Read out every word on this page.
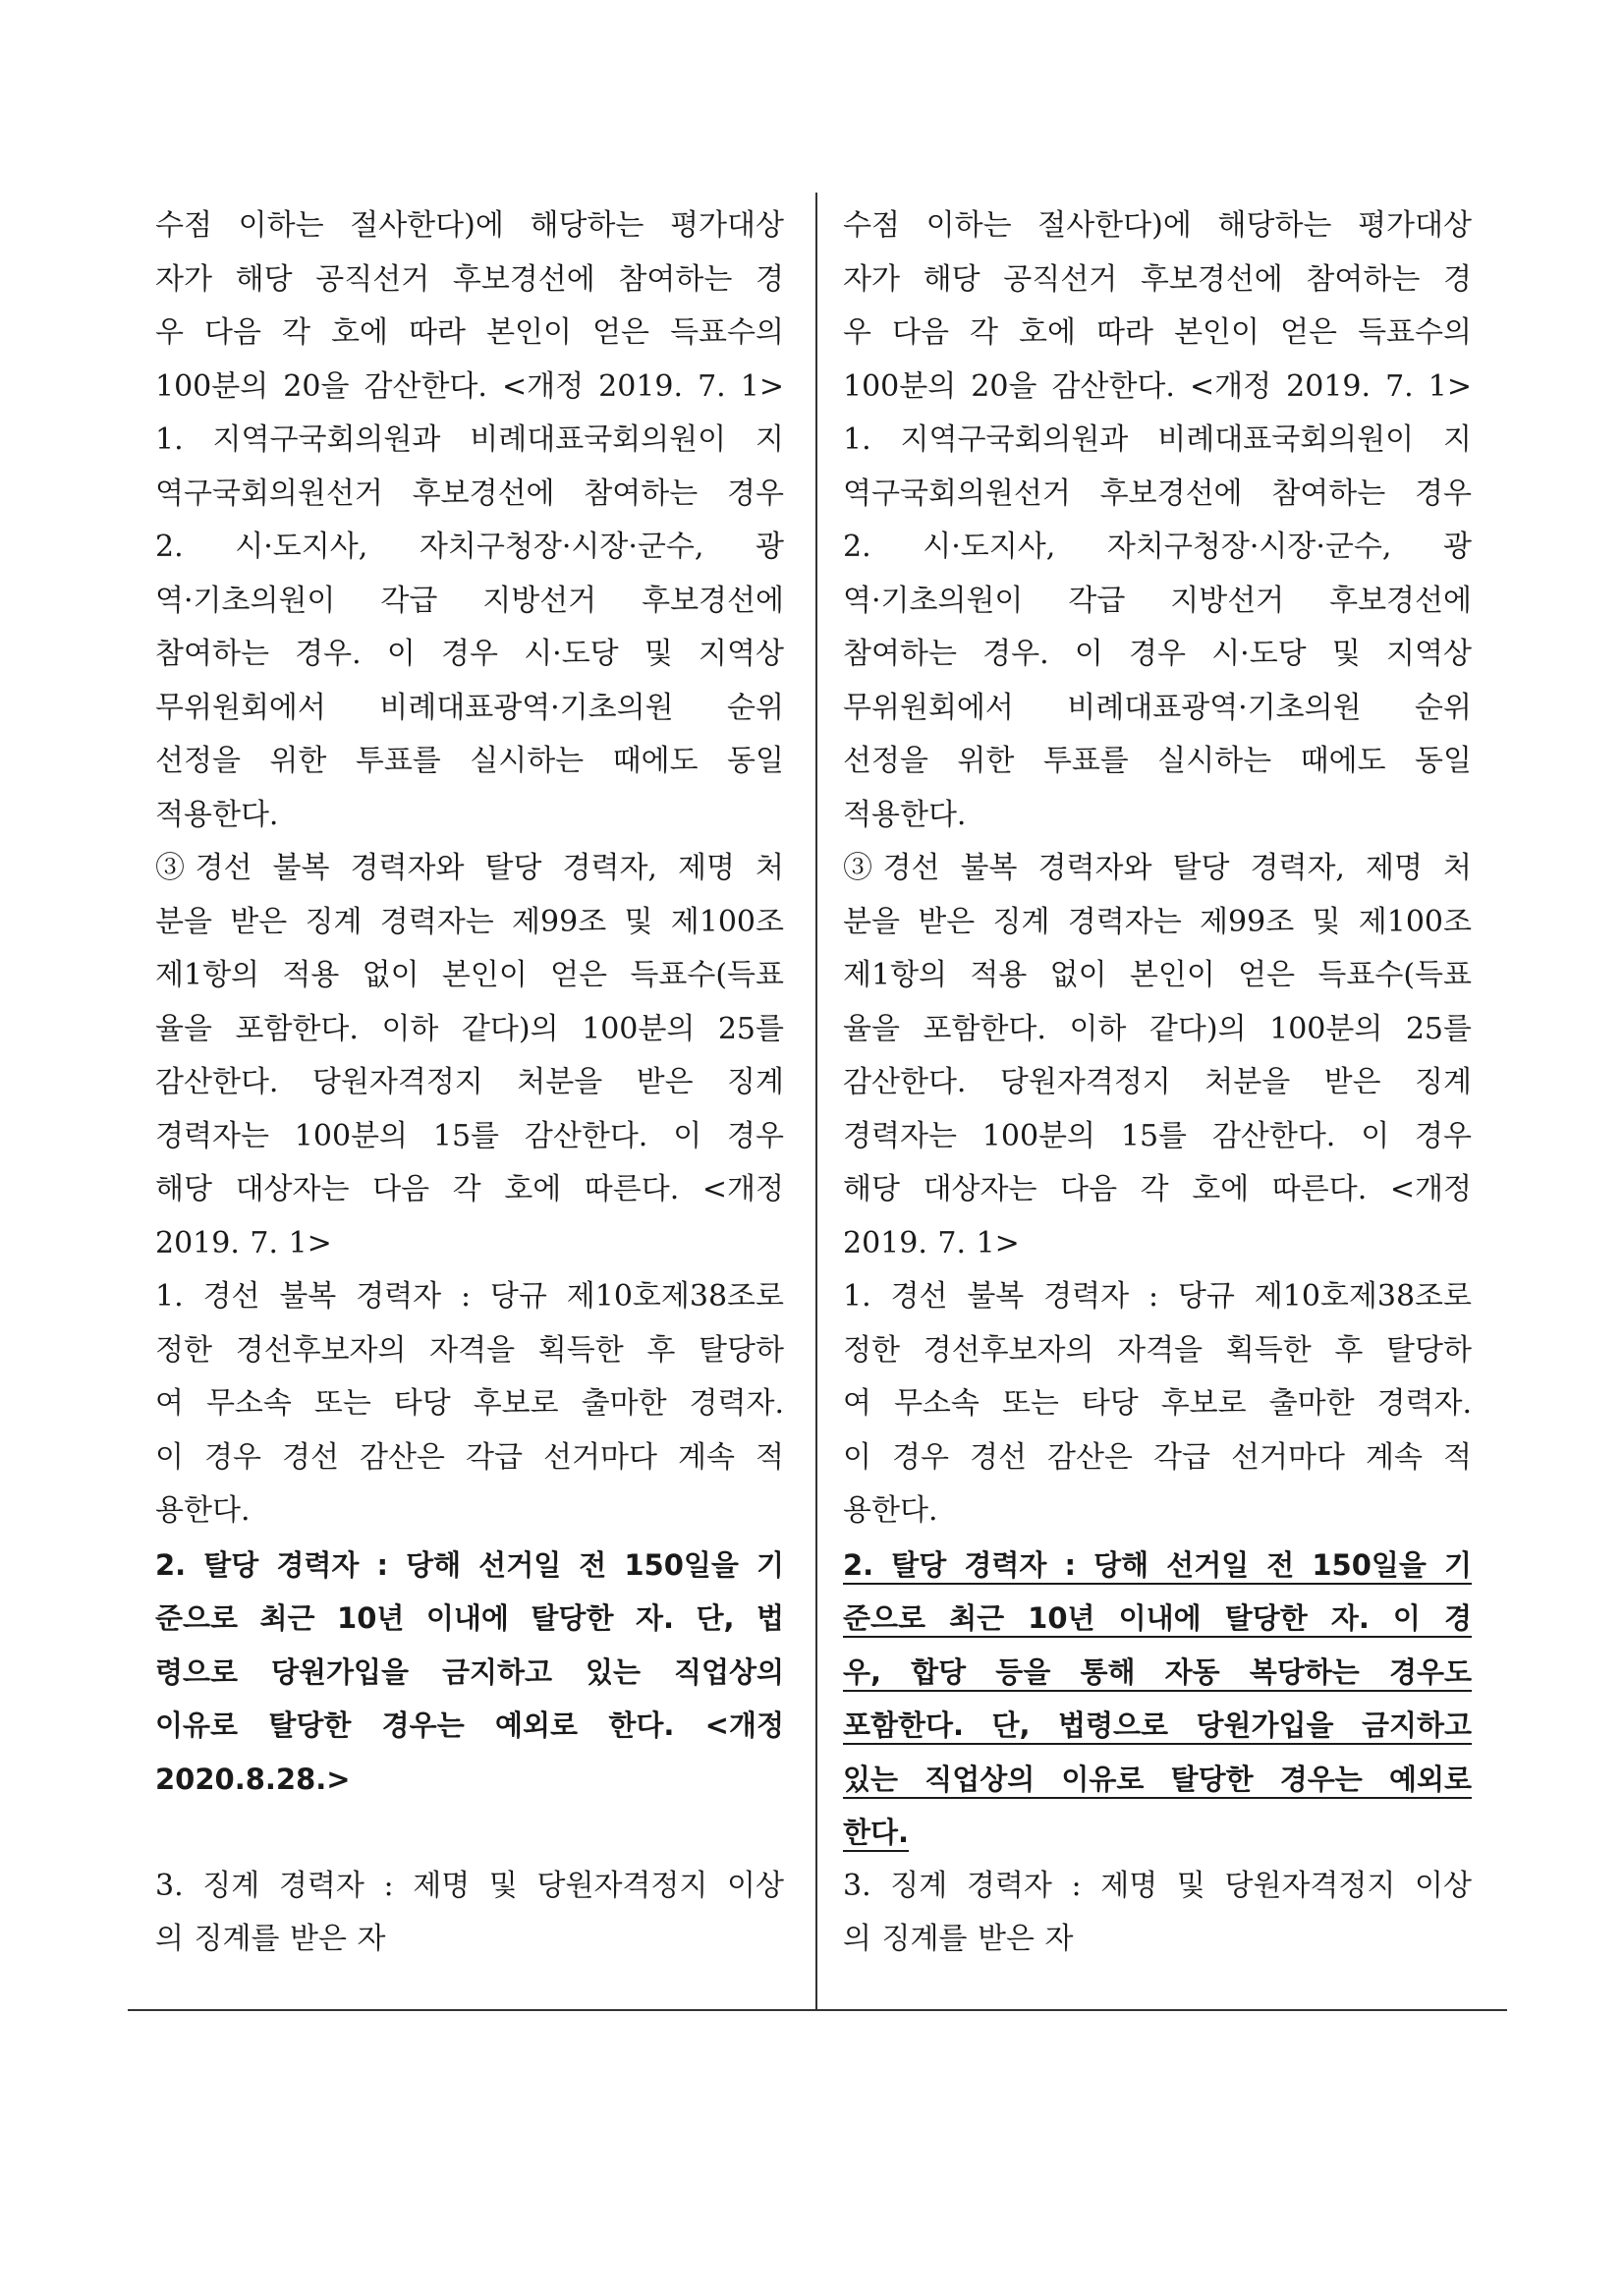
수점 이하는 절사한다)에 해당하는 평가대상
자가 해당 공직선거 후보경선에 참여하는 경
우 다음 각 호에 따라 본인이 얻은 득표수의
100분의 20을 감산한다. <개정 2019. 7. 1>
1. 지역구국회의원과 비례대표국회의원이 지
역구국회의원선거 후보경선에 참여하는 경우
2. 시·도지사, 자치구청장·시장·군수, 광
역·기초의원이 각급 지방선거 후보경선에
참여하는 경우. 이 경우 시·도당 및 지역상
무위원회에서 비례대표광역·기초의원 순위
선정을 위한 투표를 실시하는 때에도 동일
적용한다.
③경선 불복 경력자와 탈당 경력자, 제명 처
분을 받은 징계 경력자는 제99조 및 제100조
제1항의 적용 없이 본인이 얻은 득표수(득표
율을 포함한다. 이하 같다)의 100분의 25를
감산한다. 당원자격정지 처분을 받은 징계
경력자는 100분의 15를 감산한다. 이 경우
해당 대상자는 다음 각 호에 따른다. <개정
2019. 7. 1>
1. 경선 불복 경력자 : 당규 제10호제38조로
정한 경선후보자의 자격을 획득한 후 탈당하
여 무소속 또는 타당 후보로 출마한 경력자.
이 경우 경선 감산은 각급 선거마다 계속 적
용한다.
2. 탈당 경력자 : 당해 선거일 전 150일을 기
준으로 최근 10년 이내에 탈당한 자. 단, 법
령으로 당원가입을 금지하고 있는 직업상의
이유로 탈당한 경우는 예외로 한다. <개정
2020.8.28.>
3. 징계 경력자 : 제명 및 당원자격정지 이상
의 징계를 받은 자
수점 이하는 절사한다)에 해당하는 평가대상
자가 해당 공직선거 후보경선에 참여하는 경
우 다음 각 호에 따라 본인이 얻은 득표수의
100분의 20을 감산한다. <개정 2019. 7. 1>
1. 지역구국회의원과 비례대표국회의원이 지
역구국회의원선거 후보경선에 참여하는 경우
2. 시·도지사, 자치구청장·시장·군수, 광
역·기초의원이 각급 지방선거 후보경선에
참여하는 경우. 이 경우 시·도당 및 지역상
무위원회에서 비례대표광역·기초의원 순위
선정을 위한 투표를 실시하는 때에도 동일
적용한다.
③경선 불복 경력자와 탈당 경력자, 제명 처
분을 받은 징계 경력자는 제99조 및 제100조
제1항의 적용 없이 본인이 얻은 득표수(득표
율을 포함한다. 이하 같다)의 100분의 25를
감산한다. 당원자격정지 처분을 받은 징계
경력자는 100분의 15를 감산한다. 이 경우
해당 대상자는 다음 각 호에 따른다. <개정
2019. 7. 1>
1. 경선 불복 경력자 : 당규 제10호제38조로
정한 경선후보자의 자격을 획득한 후 탈당하
여 무소속 또는 타당 후보로 출마한 경력자.
이 경우 경선 감산은 각급 선거마다 계속 적
용한다.
2. 탈당 경력자 : 당해 선거일 전 150일을 기
준으로 최근 10년 이내에 탈당한 자. 이 경
우, 합당 등을 통해 자동 복당하는 경우도
포함한다. 단, 법령으로 당원가입을 금지하고
있는 직업상의 이유로 탈당한 경우는 예외로
한다.
3. 징계 경력자 : 제명 및 당원자격정지 이상
의 징계를 받은 자
